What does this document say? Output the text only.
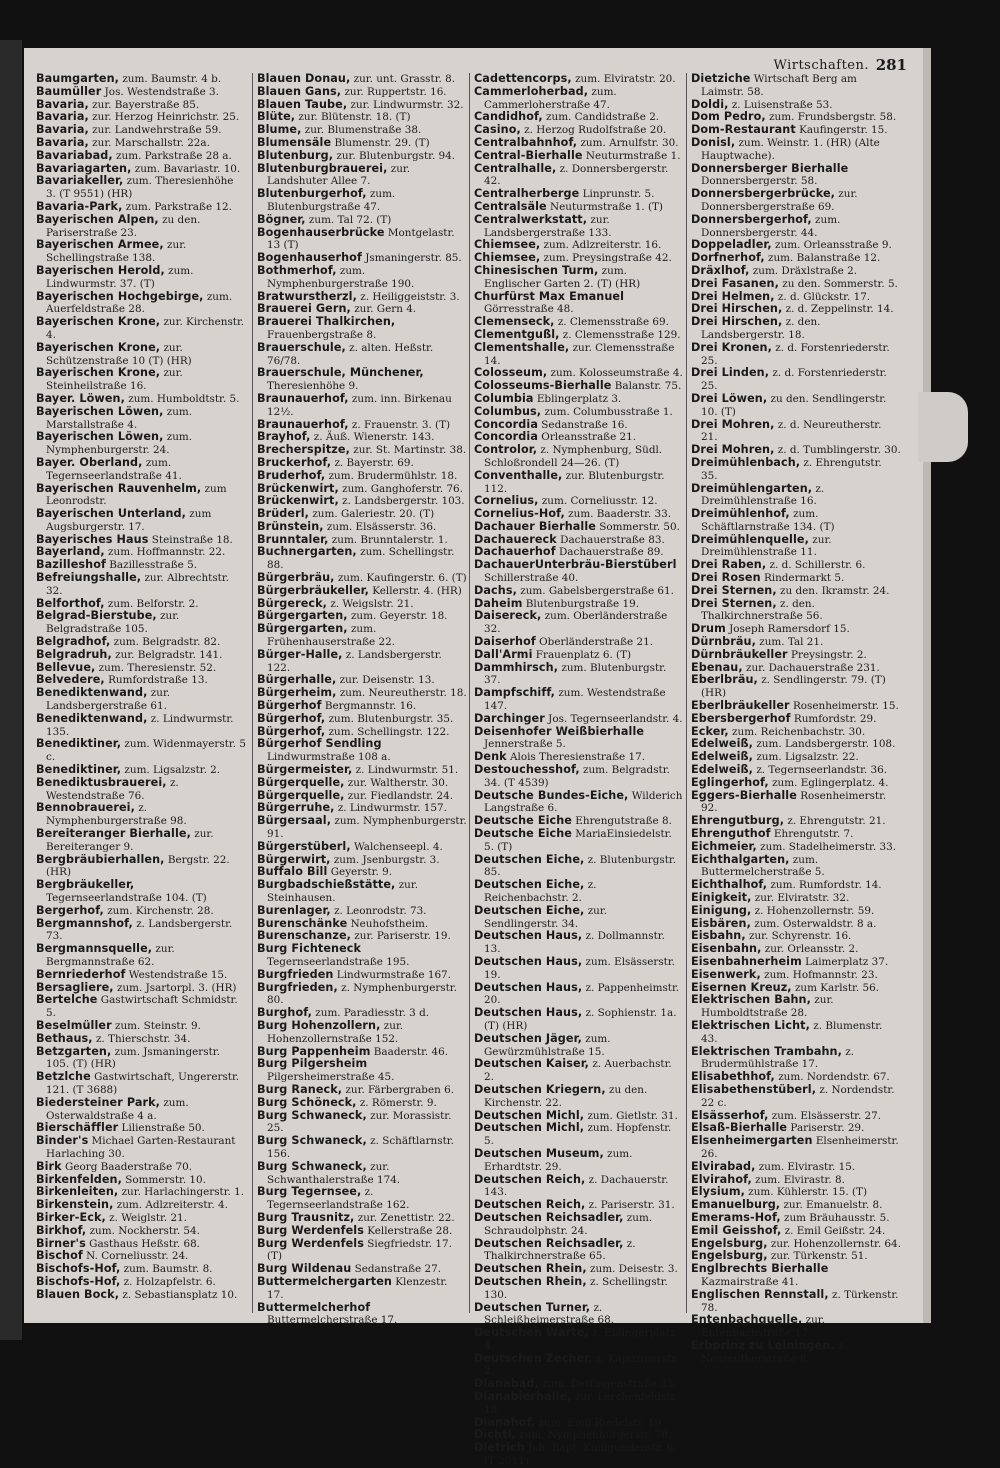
Wirtschaften. 281
Baumgarten, zum. Baumstr. 4 b.
Baumüller Jos. Westendstraße 3.
Bavaria, zur. Bayerstraße 85.
Bavaria, zur. Herzog Heinrichstr. 25.
Bavaria, zur. Landwehrstraße 59.
Bavaria, zur. Marschallstr. 22a.
Bavariabad, zum. Parkstraße 28 a.
Bavariagarten, zum. Bavariastr. 10.
Bavariakeller, zum. Theresienhöhe 3. (T 9551) (HR)
Bavaria-Park, zum. Parkstraße 12.
Bayerischen Alpen, zu den. Pariserstraße 23.
Bayerischen Armee, zur. Schellingstraße 138.
Bayerischen Herold, zum. Lindwurmstr. 37. (T)
Bayerischen Hochgebirge, zum. Auerfeldstraße 28.
Bayerischen Krone, zur. Kirchenstr. 4.
Bayerischen Krone, zur. Schützenstraße 10 (T) (HR)
Bayerischen Krone, zur. Steinheilstraße 16.
Bayer. Löwen, zum. Humboldtstr. 5.
Bayerischen Löwen, zum. Marstallstraße 4.
Bayerischen Löwen, zum. Nymphenburgerstr. 24.
Bayer. Oberland, zum. Tegernseerlandstraße 41.
Bayerischen Rauvenhelm, zum Leonrodstr.
Bayerischen Unterland, zum Augsburgerstr. 17.
Bayerisches Haus Steinstraße 18.
Bayerland, zum. Hoffmannstr. 22.
Bazilleshof Bazillesstraße 5.
Befreiungshalle, zur. Albrechtstr. 32.
Belforthof, zum. Belforstr. 2.
Belgrad-Bierstube, zur. Belgradstraße 105.
Belgradhof, zum. Belgradstr. 82.
Belgradruh, zur. Belgradstr. 141.
Bellevue, zum. Theresienstr. 52.
Belvedere, Rumfordstraße 13.
Benediktenwand, zur. Landsbergerstraße 61.
Benediktenwand, z. Lindwurmstr. 135.
Benediktiner, zum. Widenmayerstr. 5 c.
Benediktiner, zum. Ligsalzstr. 2.
Benediktusbrauerei, z. Westendstraße 76.
Bennobrauerei, z. Nymphenburgerstraße 98.
Bereiteranger Bierhalle, zur. Bereiteranger 9.
Bergbräubierhallen, Bergstr. 22. (HR)
Bergbräukeller, Tegernseerlandstraße 104. (T)
Bergerhof, zum. Kirchenstr. 28.
Bergmannshof, z. Landsbergerstr. 73.
Bergmannsquelle, zur. Bergmannstraße 62.
Bernriederhof Westendstraße 15.
Bersagliere, zum. Jsartorpl. 3. (HR)
Bertelche Gastwirtschaft Schmidstr. 5.
Beselmüller zum. Steinstr. 9.
Bethaus, z. Thierschstr. 34.
Betzgarten, zum. Jsmaningerstr. 105. (T) (HR)
Betzlche Gastwirtschaft, Ungererstr. 121. (T 3688)
Biedersteiner Park, zum. Osterwaldstraße 4 a.
Bierschäffler Lilienstraße 50.
Binder's Michael Garten-Restaurant Harlaching 30.
Birk Georg Baaderstraße 70.
Birkenfelden, Sommerstr. 10.
Birkenleiten, zur. Harlachingerstr. 1.
Birkenstein, zum. Adlzreiterstr. 4.
Birker-Eck, z. Weiglstr. 21.
Birkhof, zum. Nockherstr. 54.
Birner's Gasthaus Heßstr. 68.
Bischof N. Corneliusstr. 24.
Bischofs-Hof, zum. Baumstr. 8.
Bischofs-Hof, z. Holzapfelstr. 6.
Blauen Bock, z. Sebastiansplatz 10.
Blauen Donau, zur. unt. Grasstr. 8.
Blauen Gans, zur. Ruppertstr. 16.
Blauen Taube, zur. Lindwurmstr. 32.
Blüte, zur. Blütenstr. 18. (T)
Blume, zur. Blumenstraße 38.
Blumensäle Blumenstr. 29. (T)
Blutenburg, zur. Blutenburgstr. 94.
Blutenburgbrauerei, zur. Landshuter Allee 7.
Blutenburgerhof, zum. Blutenburgstraße 47.
Bögner, zum. Tal 72. (T)
Bogenhauserbrücke Montgelastr. 13 (T)
Bogenhauserhof Jsmaningerstr. 85.
Bothmerhof, zum. Nymphenburgerstraße 190.
Bratwurstherzl, z. Heiliggeiststr. 3.
Brauerei Gern, zur. Gern 4.
Brauerei Thalkirchen, Frauenbergstraße 8.
Brauerschule, z. alten. Heßstr. 76/78.
Brauerschule, Münchener, Theresienhöhe 9.
Braunauerhof, zum. inn. Birkenau 12½.
Braunauerhof, z. Frauenstr. 3. (T)
Brayhof, z. Äuß. Wienerstr. 143.
Brecherspitze, zur. St. Martinstr. 38.
Bruckerhof, z. Bayerstr. 69.
Bruderhof, zum. Brudermühlstr. 18.
Brückenwirt, zum. Ganghoferstr. 76.
Brückenwirt, z. Landsbergerstr. 103.
Brüderl, zum. Galeriestr. 20. (T)
Brünstein, zum. Elsässerstr. 36.
Brunntaler, zum. Brunntalerstr. 1.
Buchnergarten, zum. Schellingstr. 88.
Bürgerbräu, zum. Kaufingerstr. 6. (T)
Bürgerbräukeller, Kellerstr. 4. (HR)
Bürgereck, z. Weigslstr. 21.
Bürgergarten, zum. Geyerstr. 18.
Bürgergarten, zum. Frühenhauserstraße 22.
Bürger-Halle, z. Landsbergerstr. 122.
Bürgerhalle, zur. Deisenstr. 13.
Bürgerheim, zum. Neureutherstr. 18.
Bürgerhof Bergmannstr. 16.
Bürgerhof, zum. Blutenburgstr. 35.
Bürgerhof, zum. Schellingstr. 122.
Bürgerhof Sendling Lindwurmstraße 108 a.
Bürgermeister, z. Lindwurmstr. 51.
Bürgerquelle, zur. Waltherstr. 30.
Bürgerquelle, zur. Fiedlandstr. 24.
Bürgerruhe, z. Lindwurmstr. 157.
Bürgersaal, zum. Nymphenburgerstr. 91.
Bürgerstüberl, Walchenseepl. 4.
Bürgerwirt, zum. Jsenburgstr. 3.
Buffalo Bill Geyerstr. 9.
Burgbadschießstätte, zur. Steinhausen.
Burenlager, z. Leonrodstr. 73.
Burenschänke Neuhofstheim.
Burenschanze, zur. Pariserstr. 19.
Burg Fichteneck Tegernseerlandstraße 195.
Burgfrieden Lindwurmstraße 167.
Burgfrieden, z. Nymphenburgerstr. 80.
Burghof, zum. Paradiesstr. 3 d.
Burg Hohenzollern, zur. Hohenzollernstraße 152.
Burg Pappenheim Baaderstr. 46.
Burg Pilgersheim Pilgersheimerstraße 45.
Burg Raneck, zur. Färbergraben 6.
Burg Schöneck, z. Römerstr. 9.
Burg Schwaneck, zur. Morassistr. 25.
Burg Schwaneck, z. Schäftlarnstr. 156.
Burg Schwaneck, zur. Schwanthalerstraße 174.
Burg Tegernsee, z. Tegernseerlandstraße 162.
Burg Trausnitz, zur. Zenettistr. 22.
Burg Werdenfels Kellerstraße 28.
Burg Werdenfels Siegfriedstr. 17. (T)
Burg Wildenau Sedanstraße 27.
Buttermelchergarten Klenzestr. 17.
Buttermelcherhof Buttermelcherstraße 17.
Cadettencorps, zum. Elviratstr. 20.
Cammerloherbad, zum. Cammerloherstraße 47.
Candidhof, zum. Candidstraße 2.
Casino, z. Herzog Rudolfstraße 20.
Centralbahnhof, zum. Arnulfstr. 30.
Central-Bierhalle Neuturmstraße 1.
Centralhalle, z. Donnersbergerstr. 42.
Centralherberge Linprunstr. 5.
Centralsäle Neuturmstraße 1. (T)
Centralwerkstatt, zur. Landsbergerstraße 133.
Chiemsee, zum. Adlzreiterstr. 16.
Chiemsee, zum. Preysingstraße 42.
Chinesischen Turm, zum. Englischer Garten 2. (T) (HR)
Churfürst Max Emanuel Görresstraße 48.
Clemenseck, z. Clemensstraße 69.
Clementgußl, z. Clemensstraße 129.
Clementshalle, zur. Clemensstraße 14.
Colosseum, zum. Kolosseumstraße 4.
Colosseums-Bierhalle Balanstr. 75.
Columbia Eblingerplatz 3.
Columbus, zum. Columbusstraße 1.
Concordia Sedanstraße 16.
Concordia Orleansstraße 21.
Controlor, z. Nymphenburg, Südl. Schloßrondell 24—26. (T)
Conventhalle, zur. Blutenburgstr. 112.
Cornelius, zum. Corneliusstr. 12.
Cornelius-Hof, zum. Baaderstr. 33.
Dachauer Bierhalle Sommerstr. 50.
Dachauereck Dachauerstraße 83.
Dachauerhof Dachauerstraße 89.
DachauerUnterbräu-Bierstüberl Schillerstraße 40.
Dachs, zum. Gabelsbergerstraße 61.
Daheim Blutenburgstraße 19.
Daisereck, zum. Oberländerstraße 32.
Daiserhof Oberländerstraße 21.
Dall'Armi Frauenplatz 6. (T)
Dammhirsch, zum. Blutenburgstr. 37.
Dampfschiff, zum. Westendstraße 147.
Darchinger Jos. Tegernseerlandstr. 4.
Deisenhofer Weißbierhalle Jennerstraße 5.
Denk Alois Theresienstraße 17.
Destouchesshof, zum. Belgradstr. 34. (T 4539)
Deutsche Bundes-Eiche, Wilderich Langstraße 6.
Deutsche Eiche Ehrengutstraße 8.
Deutsche Eiche MariaEinsiedelstr. 5. (T)
Deutschen Eiche, z. Blutenburgstr. 85.
Deutschen Eiche, z. Reichenbachstr. 2.
Deutschen Eiche, zur. Sendlingerstr. 34.
Deutschen Haus, z. Dollmannstr. 13.
Deutschen Haus, zum. Elsässerstr. 19.
Deutschen Haus, z. Pappenheimstr. 20.
Deutschen Haus, z. Sophienstr. 1a. (T) (HR)
Deutschen Jäger, zum. Gewürzmühlstraße 15.
Deutschen Kaiser, z. Auerbachstr. 2.
Deutschen Kriegern, zu den. Kirchenstr. 22.
Deutschen Michl, zum. Gietlstr. 31.
Deutschen Michl, zum. Hopfenstr. 5.
Deutschen Museum, zum. Erhardtstr. 29.
Deutschen Reich, z. Dachauerstr. 143.
Deutschen Reich, z. Pariserstr. 31.
Deutschen Reichsadler, zum. Schraudolphstr. 24.
Deutschen Reichsadler, z. Thalkirchnerstraße 65.
Deutschen Rhein, zum. Deisestr. 3.
Deutschen Rhein, z. Schellingstr. 130.
Deutschen Turner, z. Schleißheimerstraße 68.
Deutschen Warte, z. Eblingerplatz 4.
Deutschen Zecher, z. Kapuzinerstr. 2.
Dianabad, zum. Dettingenstraße 35.
Dianabierhalle, zur. Lerchenfeldstr. 18.
Dianahof, zum. Emil Riedelstr. 19.
Dichtl, zum. Nymphenburgerstr. 78.
Dietrich Joh. Bapt. Kunigundenstr. 6. (T 2011)
Dietziche Wirtschaft Berg am Laimstr. 58.
Doldi, z. Luisenstraße 53.
Dom Pedro, zum. Frundsbergstr. 58.
Dom-Restaurant Kaufingerstr. 15.
Donisl, zum. Weinstr. 1. (HR) (Alte Hauptwache).
Donnersberger Bierhalle Donnersbergerstr. 58.
Donnersbergerbrücke, zur. Donnersbergerstraße 69.
Donnersbergerhof, zum. Donnersbergerstr. 44.
Doppeladler, zum. Orleansstraße 9.
Dorfnerhof, zum. Balanstraße 12.
Dräxlhof, zum. Dräxlstraße 2.
Drei Fasanen, zu den. Sommerstr. 5.
Drei Helmen, z. d. Glückstr. 17.
Drei Hirschen, z. d. Zeppelinstr. 14.
Drei Hirschen, z. den. Landsbergerstr. 18.
Drei Kronen, z. d. Forstenriederstr. 25.
Drei Linden, z. d. Forstenriederstr. 25.
Drei Löwen, zu den. Sendlingerstr. 10. (T)
Drei Mohren, z. d. Neureutherstr. 21.
Drei Mohren, z. d. Tumblingerstr. 30.
Dreimühlenbach, z. Ehrengutstr. 35.
Dreimühlengarten, z. Dreimühlenstraße 16.
Dreimühlenhof, zum. Schäftlarnstraße 134. (T)
Dreimühlenquelle, zur. Dreimühlenstraße 11.
Drei Raben, z. d. Schillerstr. 6.
Drei Rosen Rindermarkt 5.
Drei Sternen, zu den. Ikramstr. 24.
Drei Sternen, z. den. Thalkirchnerstraße 56.
Drum Joseph Ramersdorf 15.
Dürnbräu, zum. Tal 21.
Dürnbräukeller Preysingstr. 2.
Ebenau, zur. Dachauerstraße 231.
Eberlbräu, z. Sendlingerstr. 79. (T) (HR)
Eberlbräukeller Rosenheimerstr. 15.
Ebersbergerhof Rumfordstr. 29.
Ecker, zum. Reichenbachstr. 30.
Edelweiß, zum. Landsbergerstr. 108.
Edelweiß, zum. Ligsalzstr. 22.
Edelweiß, z. Tegernseerlandstr. 36.
Eglingerhof, zum. Eglingerplatz. 4.
Eggers-Bierhalle Rosenheimerstr. 92.
Ehrengutburg, z. Ehrengutstr. 21.
Ehrenguthof Ehrengutstr. 7.
Eichmeier, zum. Stadelheimerstr. 33.
Eichthalgarten, zum. Buttermelcherstraße 5.
Eichthalhof, zum. Rumfordstr. 14.
Einigkeit, zur. Elviratstr. 32.
Einigung, z. Hohenzollernstr. 59.
Eisbären, zum. Osterwaldstr. 8 a.
Eisbahn, zur. Schyrenstr. 16.
Eisenbahn, zur. Orleansstr. 2.
Eisenbahnerheim Laimerplatz 37.
Eisenwerk, zum. Hofmannstr. 23.
Eisernen Kreuz, zum Karlstr. 56.
Elektrischen Bahn, zur. Humboldtstraße 28.
Elektrischen Licht, z. Blumenstr. 43.
Elektrischen Trambahn, z. Brudermühlstraße 17.
Elisabethhof, zum. Nordendstr. 67.
Elisabethenstüberl, z. Nordendstr. 22 c.
Elsässerhof, zum. Elsässerstr. 27.
Elsaß-Bierhalle Pariserstr. 29.
Elsenheimergarten Elsenheimerstr. 26.
Elvirabad, zum. Elvirastr. 15.
Elvirahof, zum. Elvirastr. 8.
Elysium, zum. Kühlerstr. 15. (T)
Emanuelburg, zur. Emanuelstr. 8.
Emerams-Hof, zum Bräuhausstr. 5.
Emil Geisshof, z. Emil Geißstr. 24.
Engelsburg, zur. Hohenzollernstr. 64.
Engelsburg, zur. Türkenstr. 51.
Englbrechts Bierhalle Kazmairstraße 41.
Englischen Rennstall, z. Türkenstr. 78.
Entenbachquelle, zur. Entenbachstraße 17.
Erbprinz zu Leiningen, z. Neureutherstraße 8.
